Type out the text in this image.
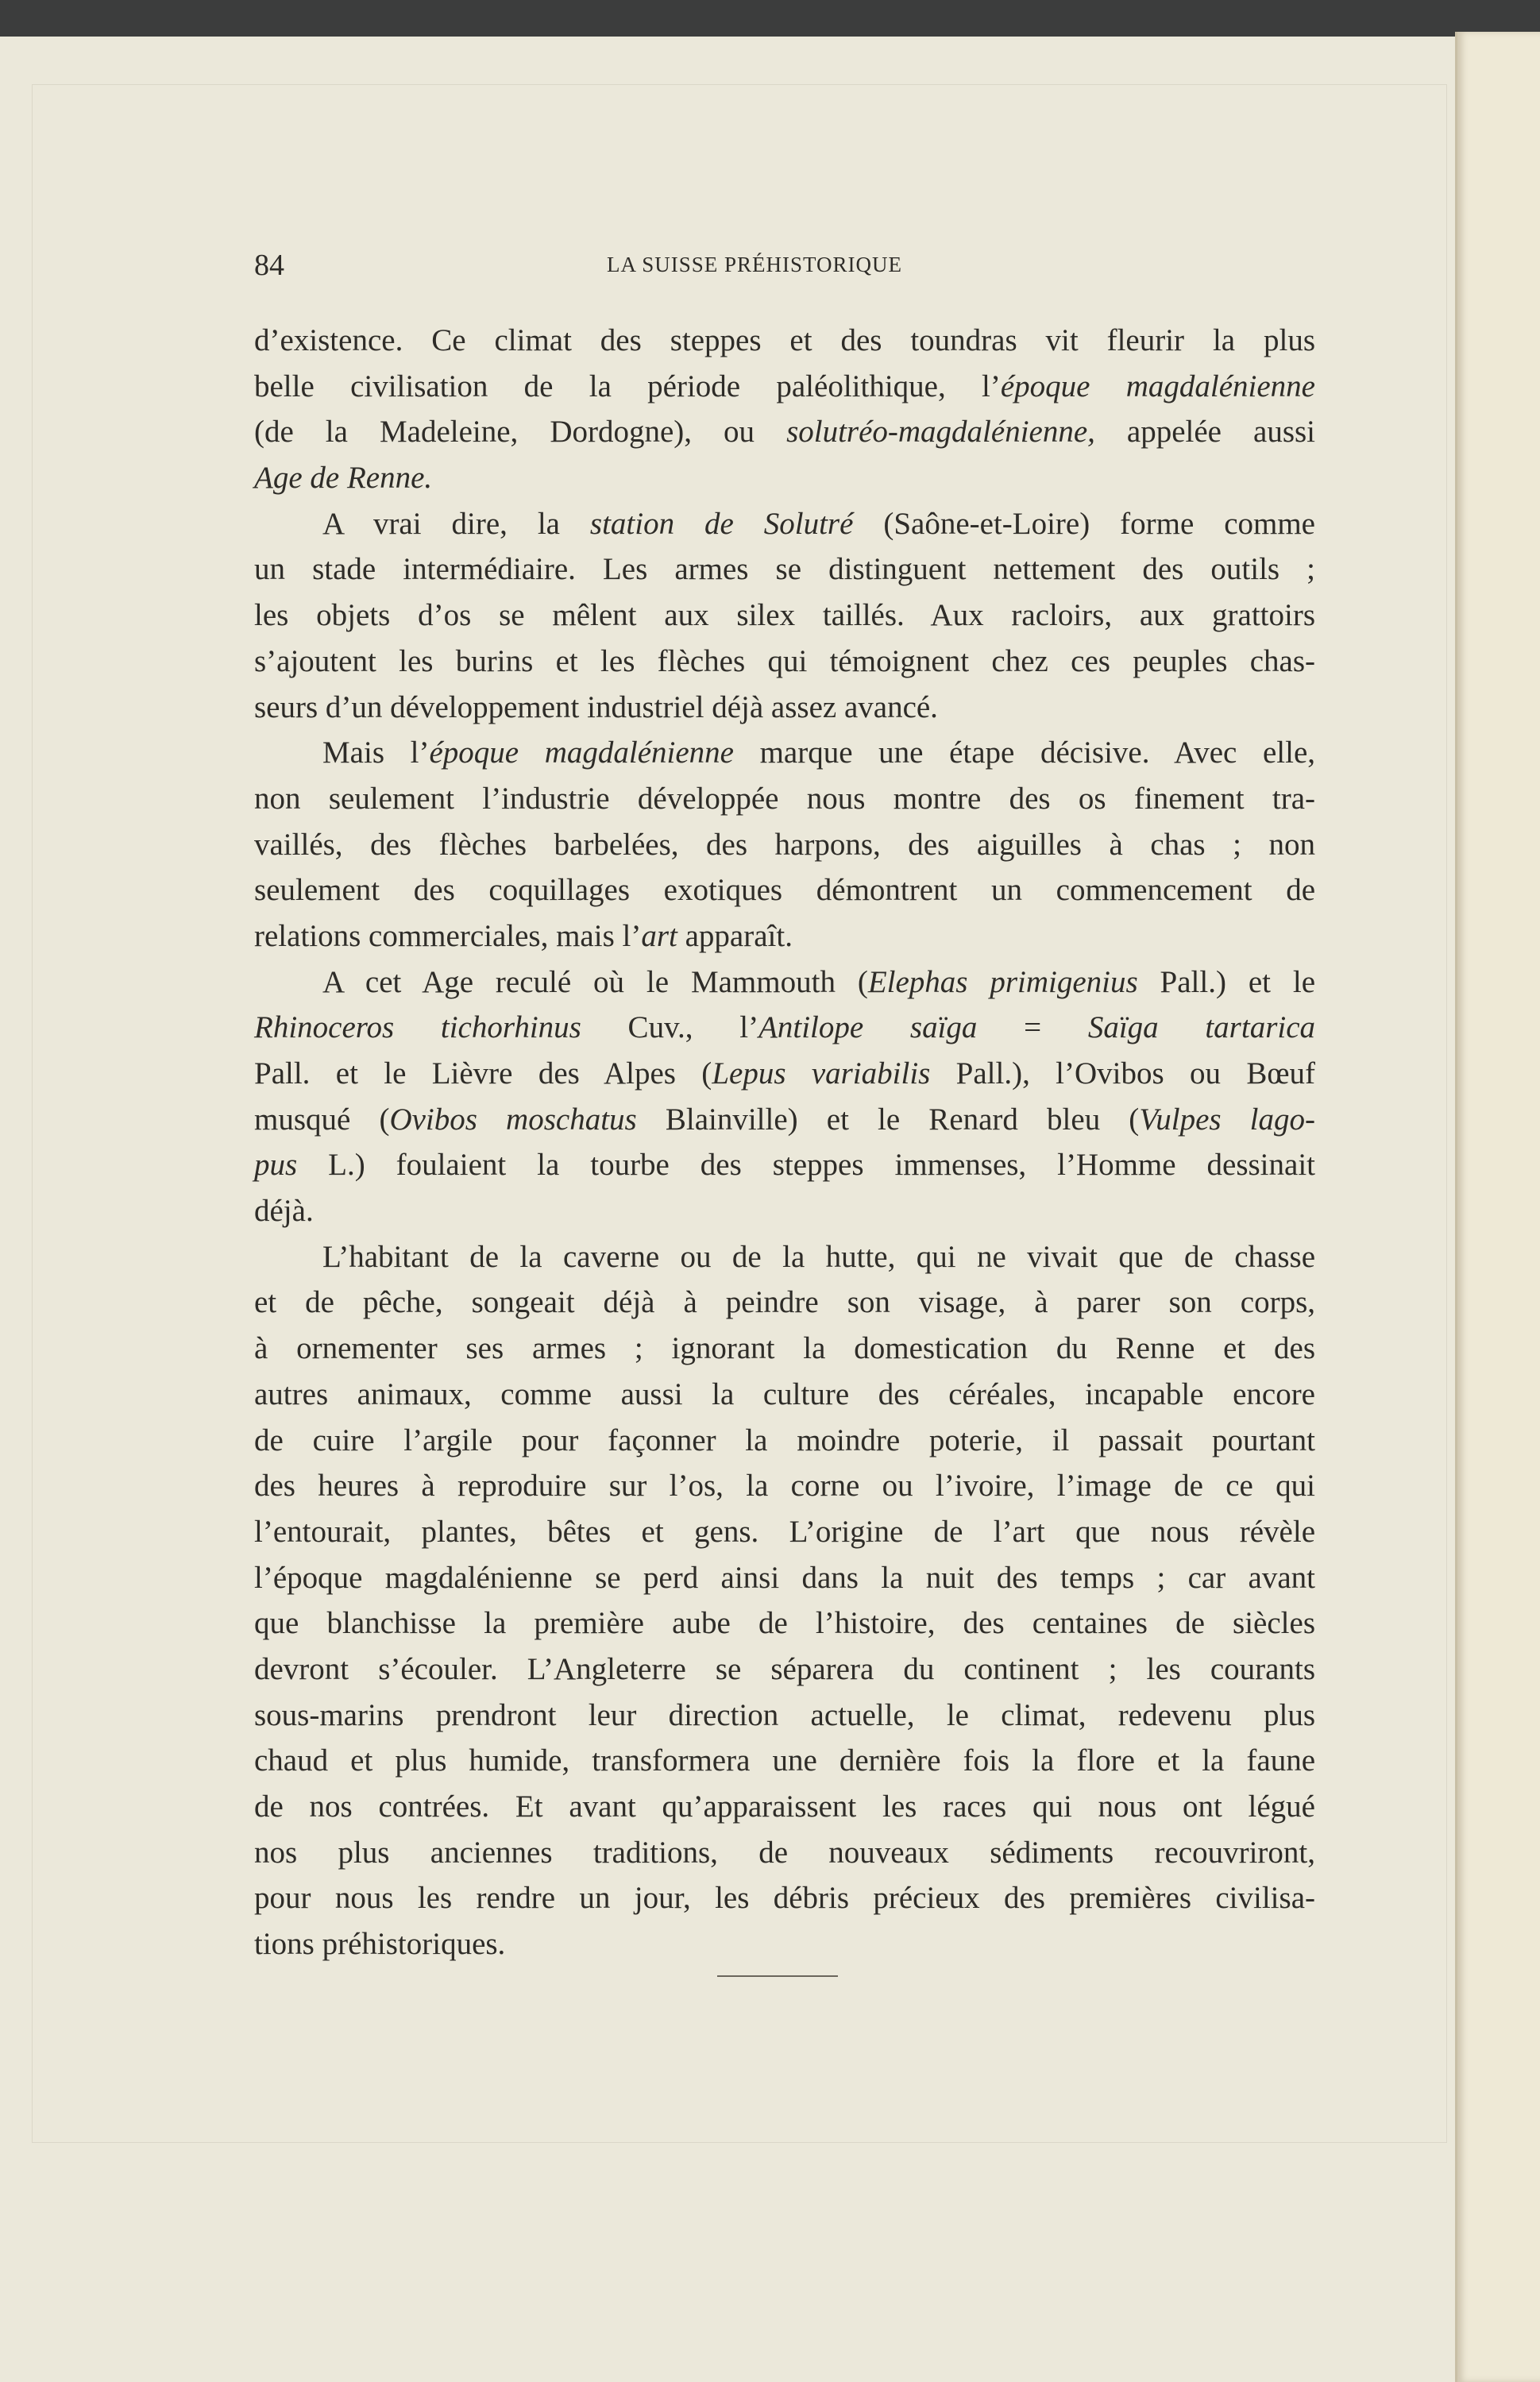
84	LA SUISSE PRÉHISTORIQUE
d’existence. Ce climat des steppes et des toundras vit fleurir la plus
belle civilisation de la période paléolithique, l’époque magdalénienne
(de la Madeleine, Dordogne), ou solutréo-magdalénienne, appelée aussi
Age de Renne.
A vrai dire, la station de Solutré (Saône-et-Loire) forme comme
un stade intermédiaire. Les armes se distinguent nettement des outils ;
les objets d’os se mêlent aux silex taillés. Aux racloirs, aux grattoirs
s’ajoutent les burins et les flèches qui témoignent chez ces peuples chas-
seurs d’un développement industriel déjà assez avancé.
Mais l’époque magdalénienne marque une étape décisive. Avec elle,
non seulement l’industrie développée nous montre des os finement tra-
vaillés, des flèches barbelées, des harpons, des aiguilles à chas ; non
seulement des coquillages exotiques démontrent un commencement de
relations commerciales, mais l’art apparaît.
A cet Age reculé où le Mammouth (Elephas primigenius Pall.) et le
Rhinoceros tichorhinus Cuv., l’Antilope saïga = Saïga tartarica
Pall. et le Lièvre des Alpes (Lepus variabilis Pall.), l’Ovibos ou Bœuf
musqué (Ovibos moschatus Blainville) et le Renard bleu (Vulpes lago-
pus L.) foulaient la tourbe des steppes immenses, l’Homme dessinait
déjà.
L’habitant de la caverne ou de la hutte, qui ne vivait que de chasse
et de pêche, songeait déjà à peindre son visage, à parer son corps,
à ornementer ses armes ; ignorant la domestication du Renne et des
autres animaux, comme aussi la culture des céréales, incapable encore
de cuire l’argile pour façonner la moindre poterie, il passait pourtant
des heures à reproduire sur l’os, la corne ou l’ivoire, l’image de ce qui
l’entourait, plantes, bêtes et gens. L’origine de l’art que nous révèle
l’époque magdalénienne se perd ainsi dans la nuit des temps ; car avant
que blanchisse la première aube de l’histoire, des centaines de siècles
devront s’écouler. L’Angleterre se séparera du continent ; les courants
sous-marins prendront leur direction actuelle, le climat, redevenu plus
chaud et plus humide, transformera une dernière fois la flore et la faune
de nos contrées. Et avant qu’apparaissent les races qui nous ont légué
nos plus anciennes traditions, de nouveaux sédiments recouvriront,
pour nous les rendre un jour, les débris précieux des premières civilisa-
tions préhistoriques.
